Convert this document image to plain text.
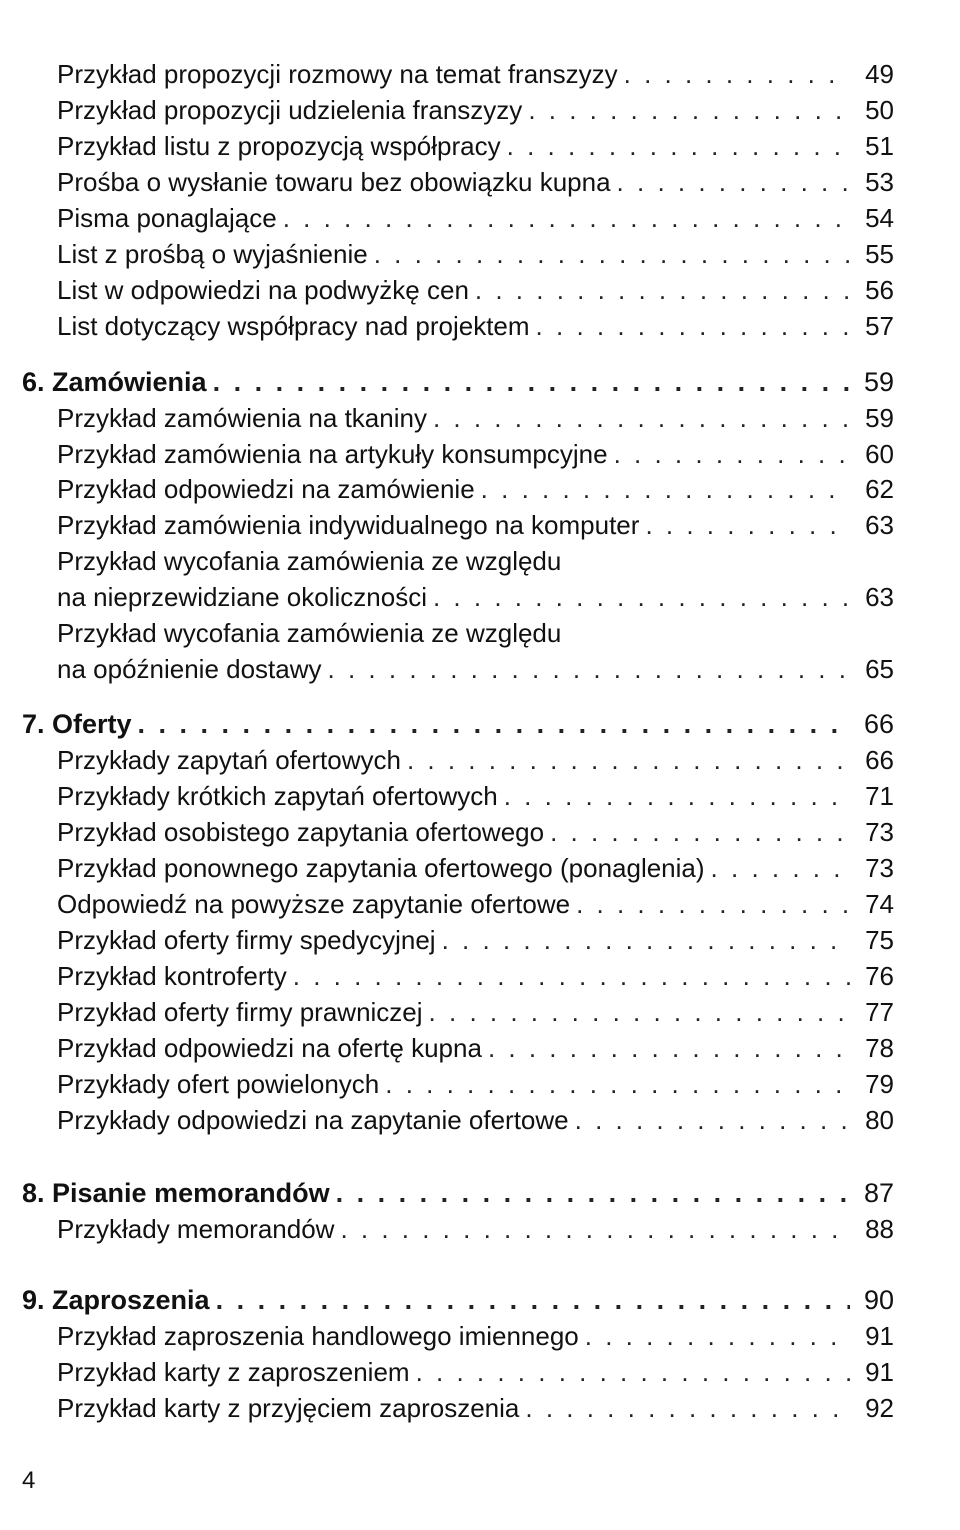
Przykład propozycji rozmowy na temat franszyzy . . .	49
Przykład propozycji udzielenia franszyzy . . .	50
Przykład listu z propozycją współpracy . . .	51
Prośba o wysłanie towaru bez obowiązku kupna . . .	53
Pisma ponaglające . . .	54
List z prośbą o wyjaśnienie . . .	55
List w odpowiedzi na podwyżkę cen . . .	56
List dotyczący współpracy nad projektem . . .	57
6. Zamówienia . . .	59
Przykład zamówienia na tkaniny . . .	59
Przykład zamówienia na artykuły konsumpcyjne . . .	60
Przykład odpowiedzi na zamówienie . . .	62
Przykład zamówienia indywidualnego na komputer . . .	63
Przykład wycofania zamówienia ze względu
na nieprzewidziane okoliczności . . .	63
Przykład wycofania zamówienia ze względu
na opóźnienie dostawy . . .	65
7. Oferty . . .	66
Przykłady zapytań ofertowych . . .	66
Przykłady krótkich zapytań ofertowych . . .	71
Przykład osobistego zapytania ofertowego . . .	73
Przykład ponownego zapytania ofertowego (ponaglenia) . . .	73
Odpowiedź na powyższe zapytanie ofertowe . . .	74
Przykład oferty firmy spedycyjnej . . .	75
Przykład kontroferty . . .	76
Przykład oferty firmy prawniczej . . .	77
Przykład odpowiedzi na ofertę kupna . . .	78
Przykłady ofert powielonych . . .	79
Przykłady odpowiedzi na zapytanie ofertowe . . .	80
8. Pisanie memorandów . . .	87
Przykłady memorandów . . .	88
9. Zaproszenia . . .	90
Przykład zaproszenia handlowego imiennego . . .	91
Przykład karty z zaproszeniem . . .	91
Przykład karty z przyjęciem zaproszenia . . .	92
4
